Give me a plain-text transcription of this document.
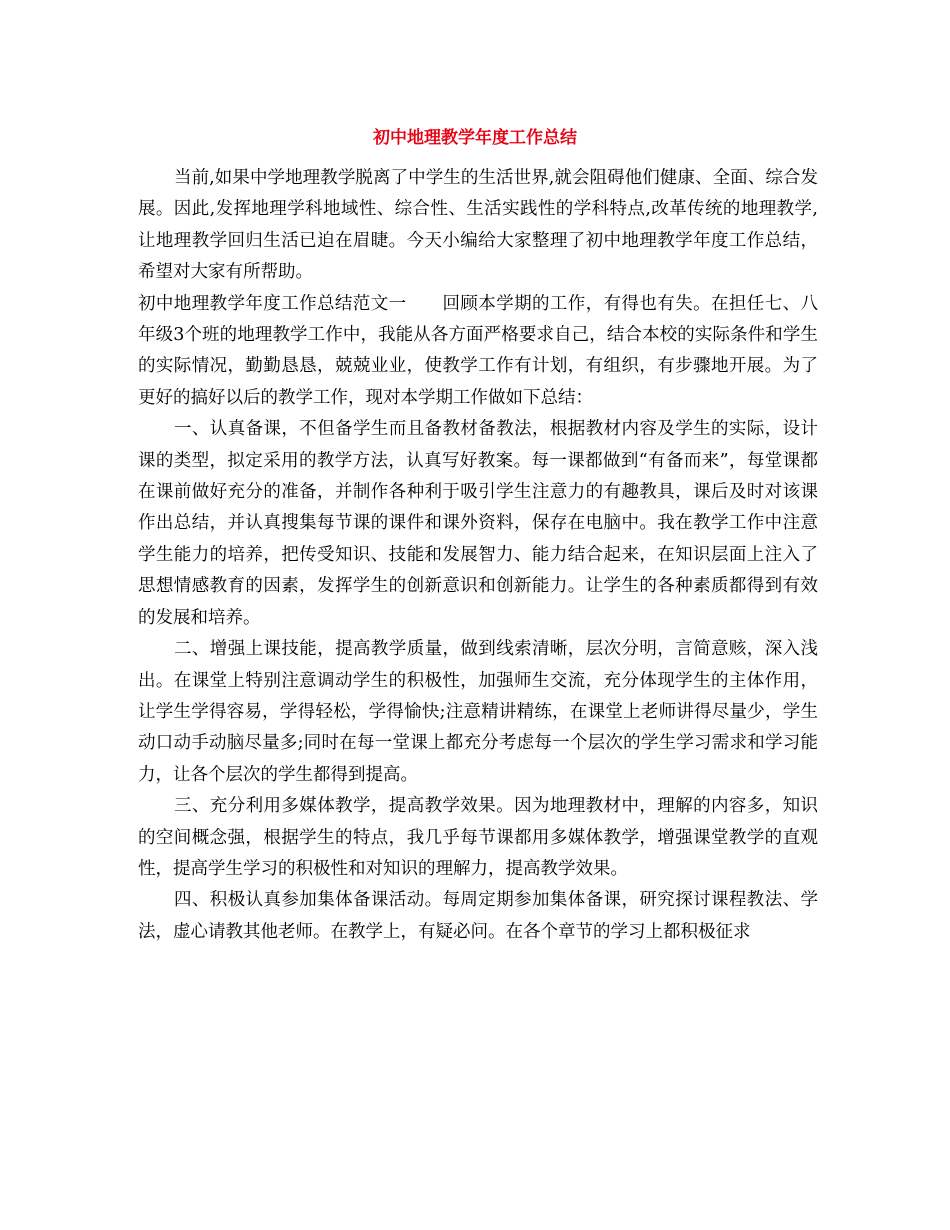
初中地理教学年度工作总结

当前,如果中学地理教学脱离了中学生的生活世界,就会阻碍他们健康、全面、综合发展。因此,发挥地理学科地域性、综合性、生活实践性的学科特点,改革传统的地理教学,让地理教学回归生活已迫在眉睫。今天小编给大家整理了初中地理教学年度工作总结，希望对大家有所帮助。

初中地理教学年度工作总结范文一 回顾本学期的工作，有得也有失。在担任七、八年级3个班的地理教学工作中，我能从各方面严格要求自己，结合本校的实际条件和学生的实际情况，勤勤恳恳，兢兢业业，使教学工作有计划，有组织，有步骤地开展。为了更好的搞好以后的教学工作，现对本学期工作做如下总结：

一、认真备课，不但备学生而且备教材备教法，根据教材内容及学生的实际，设计课的类型，拟定采用的教学方法，认真写好教案。每一课都做到“有备而来”，每堂课都在课前做好充分的准备，并制作各种利于吸引学生注意力的有趣教具，课后及时对该课作出总结，并认真搜集每节课的课件和课外资料，保存在电脑中。我在教学工作中注意学生能力的培养，把传受知识、技能和发展智力、能力结合起来，在知识层面上注入了思想情感教育的因素，发挥学生的创新意识和创新能力。让学生的各种素质都得到有效的发展和培养。

二、增强上课技能，提高教学质量，做到线索清晰，层次分明，言简意赅，深入浅出。在课堂上特别注意调动学生的积极性，加强师生交流，充分体现学生的主体作用，让学生学得容易，学得轻松，学得愉快;注意精讲精练，在课堂上老师讲得尽量少，学生动口动手动脑尽量多;同时在每一堂课上都充分考虑每一个层次的学生学习需求和学习能力，让各个层次的学生都得到提高。

三、充分利用多媒体教学，提高教学效果。因为地理教材中，理解的内容多，知识的空间概念强，根据学生的特点，我几乎每节课都用多媒体教学，增强课堂教学的直观性，提高学生学习的积极性和对知识的理解力，提高教学效果。

四、积极认真参加集体备课活动。每周定期参加集体备课，研究探讨课程教法、学法，虚心请教其他老师。在教学上，有疑必问。在各个章节的学习上都积极征求
